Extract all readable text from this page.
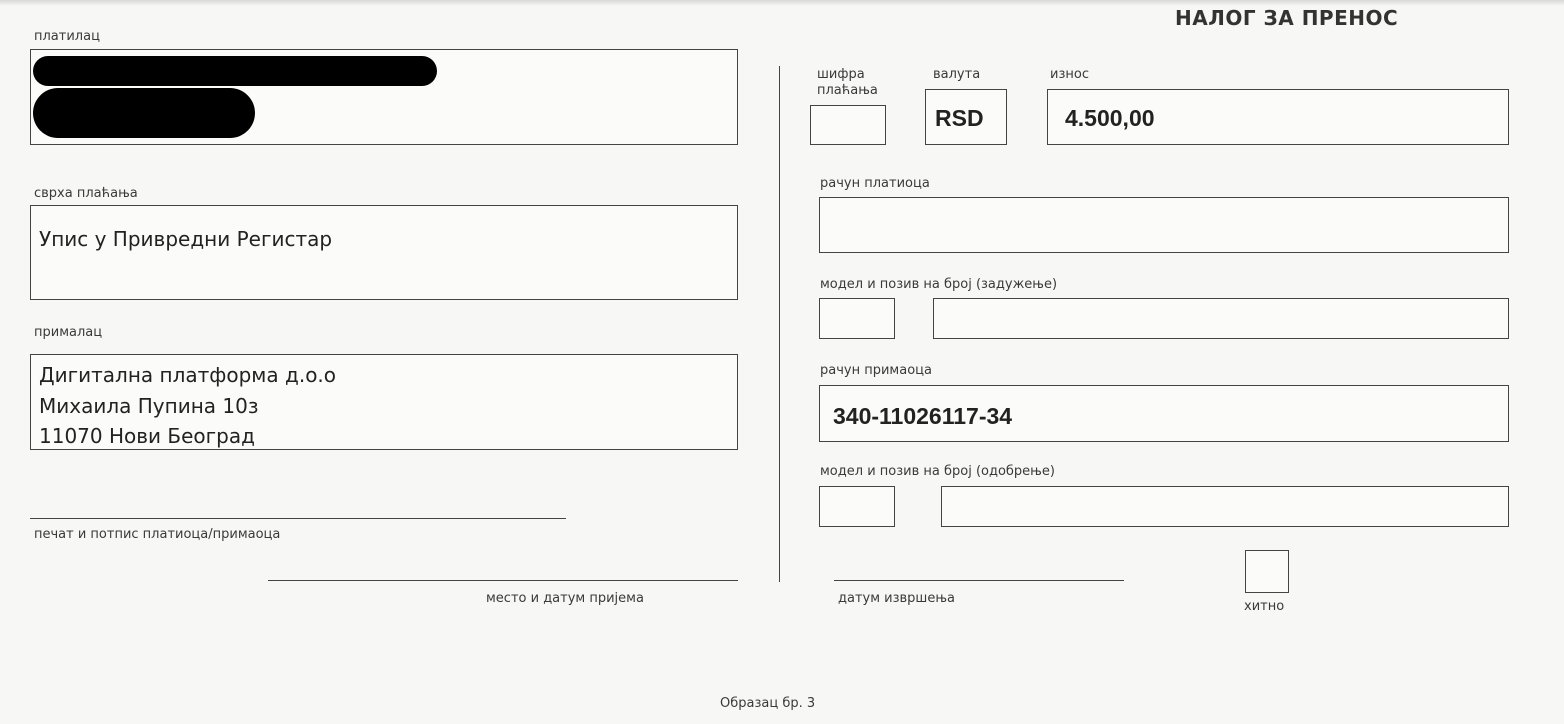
НАЛОГ ЗА ПРЕНОС
платилац
сврха плаћања
Упис у Привредни Регистар
прималац
Дигитална платформа д.о.о
Михаила Пупина 10з
11070 Нови Београд
печат и потпис платиоца/примаоца
место и датум пријема
шифра
плаћања
валута
RSD
износ
4.500,00
рачун платиоца
модел и позив на број (задужење)
рачун примаоца
340-11026117-34
модел и позив на број (одобрење)
датум извршења
хитно
Образац бр. 3
